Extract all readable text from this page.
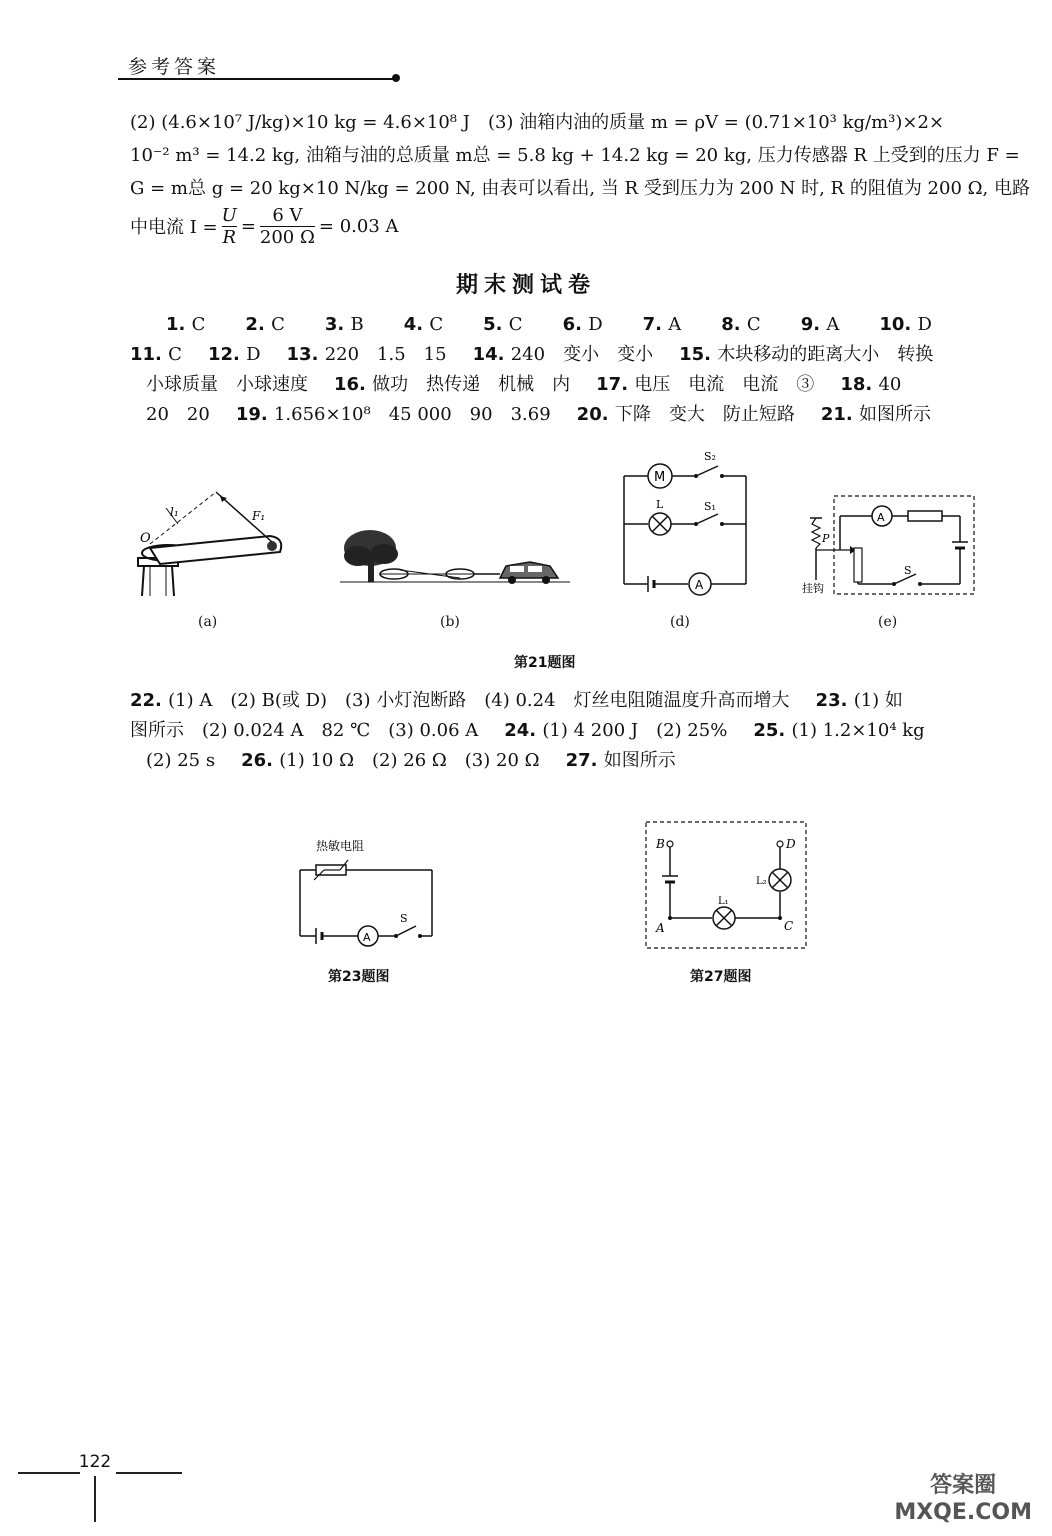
参考答案
(2) (4.6×10⁷ J/kg)×10 kg = 4.6×10⁸ J　(3) 油箱内油的质量 m = ρV = (0.71×10³ kg/m³)×2×
10⁻² m³ = 14.2 kg, 油箱与油的总质量 m总 = 5.8 kg + 14.2 kg = 20 kg, 压力传感器 R 上受到的压力 F =
G = m总 g = 20 kg×10 N/kg = 200 N, 由表可以看出, 当 R 受到压力为 200 N 时, R 的阻值为 200 Ω, 电路
中电流 I =
U
R
=
6 V
200 Ω
= 0.03 A
期末测试卷
1. C 2. C 3. B 4. C 5. C 6. D 7. A 8. C 9. A 10. D
11. C 12. D 13. 220　1.5　15 14. 240　变小　变小 15. 木块移动的距离大小　转换
小球质量　小球速度 16. 做功　热传递　机械　内 17. 电压　电流　电流　③ 18. 40
20　20 19. 1.656×10⁸　45 000　90　3.69 20. 下降　变大　防止短路 21. 如图所示
O
l₁	F₁
(a)	(b)
M
S₂
L	S₁
A
(d)
P
挂钩
A
S
(e)
第21题图
22. (1) A　(2) B(或 D)　(3) 小灯泡断路　(4) 0.24　灯丝电阻随温度升高而增大 23. (1) 如
图所示　(2) 0.024 A　82 ℃　(3) 0.06 A 24. (1) 4 200 J　(2) 25% 25. (1) 1.2×10⁴ kg
(2) 25 s 26. (1) 10 Ω　(2) 26 Ω　(3) 20 Ω 27. 如图所示
热敏电阻
A
S
第23题图
B
A
L₁
C
L₂
D
第27题图
122
答案圈
MXQE.COM
